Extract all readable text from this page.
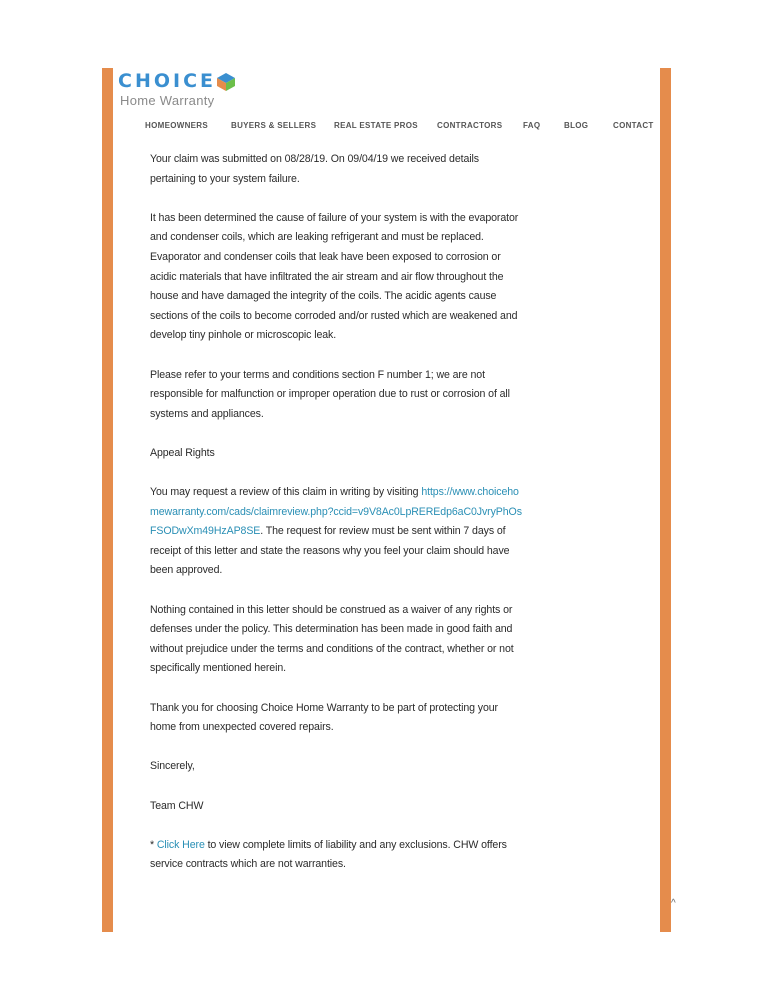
CHOICE
Home Warranty
HOMEOWNERS	BUYERS & SELLERS REAL ESTATE PROS CONTRACTORS	FAQ	BLOG	CONTACT

Your claim was submitted on 08/28/19. On 09/04/19 we received details pertaining to your system failure.

It has been determined the cause of failure of your system is with the evaporator and condenser coils, which are leaking refrigerant and must be replaced. Evaporator and condenser coils that leak have been exposed to corrosion or acidic materials that have infiltrated the air stream and air flow throughout the house and have damaged the integrity of the coils. The acidic agents cause sections of the coils to become corroded and/or rusted which are weakened and develop tiny pinhole or microscopic leak.

Please refer to your terms and conditions section F number 1; we are not responsible for malfunction or improper operation due to rust or corrosion of all systems and appliances.

Appeal Rights

You may request a review of this claim in writing by visiting https://www.choicehomewarranty.com/cads/claimreview.php?ccid=v9V8Ac0LpREREdp6aC0JvryPhOsFSODwXm49HzAP8SE. The request for review must be sent within 7 days of receipt of this letter and state the reasons why you feel your claim should have been approved.

Nothing contained in this letter should be construed as a waiver of any rights or defenses under the policy. This determination has been made in good faith and without prejudice under the terms and conditions of the contract, whether or not specifically mentioned herein.

Thank you for choosing Choice Home Warranty to be part of protecting your home from unexpected covered repairs.

Sincerely,

Team CHW

* Click Here to view complete limits of liability and any exclusions. CHW offers service contracts which are not warranties.

^
